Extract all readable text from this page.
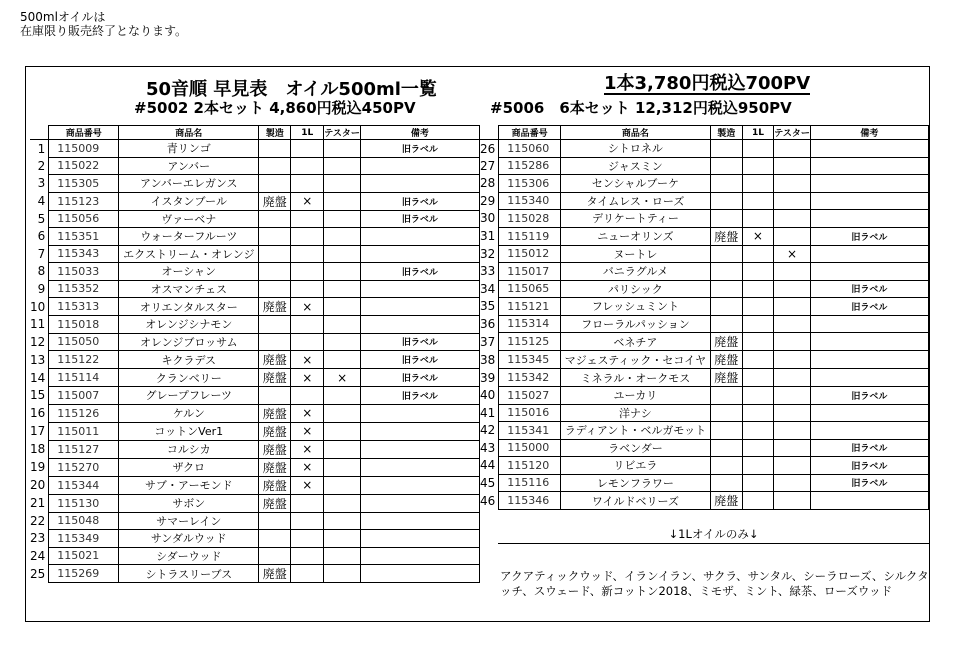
500mlオイルは
在庫限り販売終了となります。
50音順 早見表　オイル500ml一覧	1本3,780円税込700PV
#5002 2本セット 4,860円税込450PV	#5006　6本セット 12,312円税込950PV
	商品番号	商品名	製造	1L	テスター	備考
1	115009	青リンゴ				旧ラベル
2	115022	アンバー				
3	115305	アンバーエレガンス				
4	115123	イスタンブール	廃盤	×		旧ラベル
5	115056	ヴァーベナ				旧ラベル
6	115351	ウォーターフルーツ				
7	115343	エクストリーム・オレンジ				
8	115033	オーシャン				旧ラベル
9	115352	オスマンチェス				
10	115313	オリエンタルスター	廃盤	×		
11	115018	オレンジシナモン				
12	115050	オレンジブロッサム				旧ラベル
13	115122	キクラデス	廃盤	×		旧ラベル
14	115114	クランベリー	廃盤	×	×	旧ラベル
15	115007	グレープフレーツ				旧ラベル
16	115126	ケルン	廃盤	×		
17	115011	コットンVer1	廃盤	×		
18	115127	コルシカ	廃盤	×		
19	115270	ザクロ	廃盤	×		
20	115344	サブ・アーモンド	廃盤	×		
21	115130	サボン	廃盤			
22	115048	サマーレイン				
23	115349	サンダルウッド				
24	115021	シダーウッド				
25	115269	シトラスリーブス	廃盤			
	商品番号	商品名	製造	1L	テスター	備考
26	115060	シトロネル				
27	115286	ジャスミン				
28	115306	センシャルブーケ				
29	115340	タイムレス・ローズ				
30	115028	デリケートティー				
31	115119	ニューオリンズ	廃盤	×		旧ラベル
32	115012	ヌートレ			×	
33	115017	バニラグルメ				
34	115065	パリシック				旧ラベル
35	115121	フレッシュミント				旧ラベル
36	115314	フローラルパッション				
37	115125	ベネチア	廃盤			
38	115345	マジェスティック・セコイヤ	廃盤			
39	115342	ミネラル・オークモス	廃盤			
40	115027	ユーカリ				旧ラベル
41	115016	洋ナシ				
42	115341	ラディアント・ベルガモット				
43	115000	ラベンダー				旧ラベル
44	115120	リビエラ				旧ラベル
45	115116	レモンフラワー				旧ラベル
46	115346	ワイルドベリーズ	廃盤			
↓1Lオイルのみ↓
アクアティックウッド、イランイラン、サクラ、サンタル、シーラローズ、シルクタッチ、スウェード、新コットン2018、ミモザ、ミント、緑茶、ローズウッド
